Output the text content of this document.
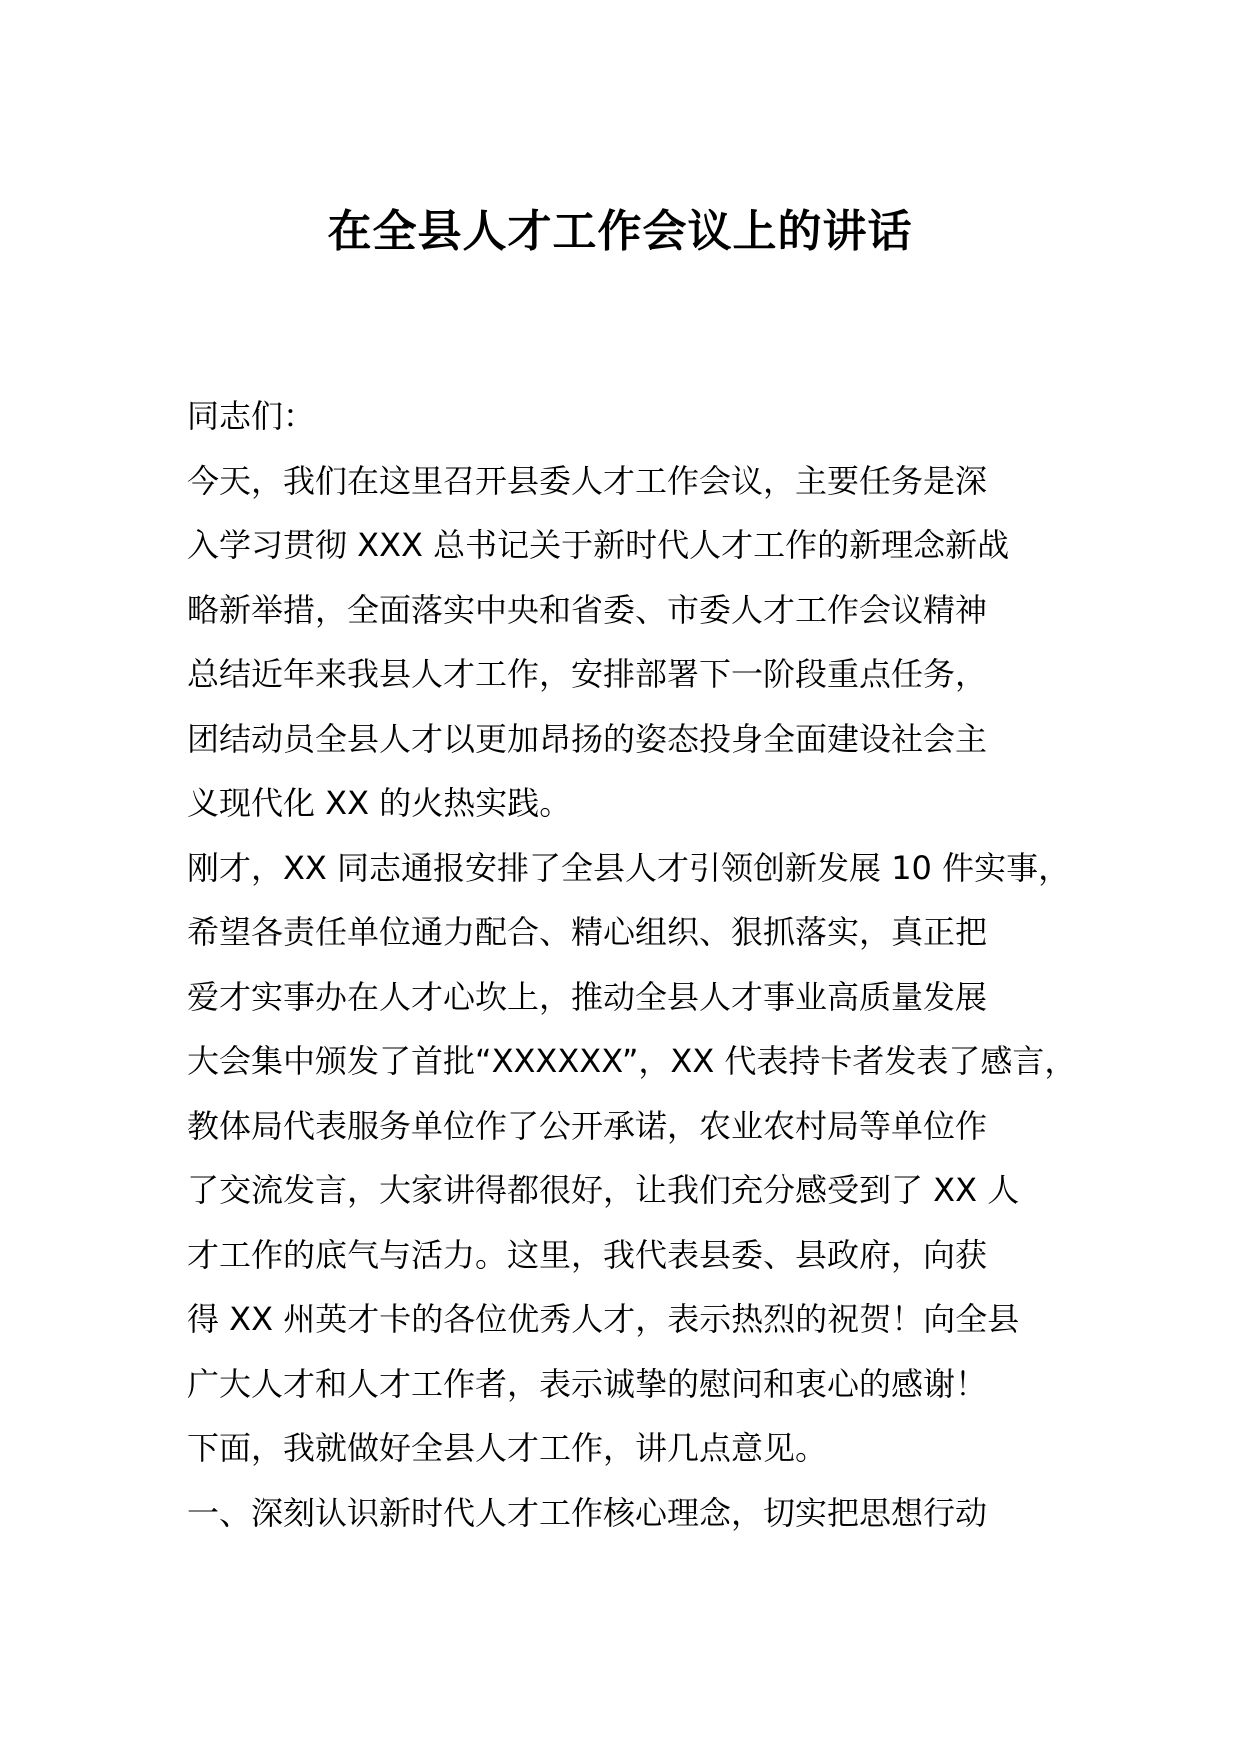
在全县人才工作会议上的讲话

同志们：

今天，我们在这里召开县委人才工作会议，主要任务是深

入学习贯彻 XXX 总书记关于新时代人才工作的新理念新战

略新举措，全面落实中央和省委、市委人才工作会议精神

总结近年来我县人才工作，安排部署下一阶段重点任务，

团结动员全县人才以更加昂扬的姿态投身全面建设社会主

义现代化 XX 的火热实践。

刚才，XX 同志通报安排了全县人才引领创新发展 10 件实事，

希望各责任单位通力配合、精心组织、狠抓落实，真正把

爱才实事办在人才心坎上，推动全县人才事业高质量发展

大会集中颁发了首批“XXXXXX”，XX 代表持卡者发表了感言，

教体局代表服务单位作了公开承诺，农业农村局等单位作

了交流发言，大家讲得都很好，让我们充分感受到了 XX 人

才工作的底气与活力。这里，我代表县委、县政府，向获

得 XX 州英才卡的各位优秀人才，表示热烈的祝贺！向全县

广大人才和人才工作者，表示诚挚的慰问和衷心的感谢！

下面，我就做好全县人才工作，讲几点意见。

一、深刻认识新时代人才工作核心理念，切实把思想行动
